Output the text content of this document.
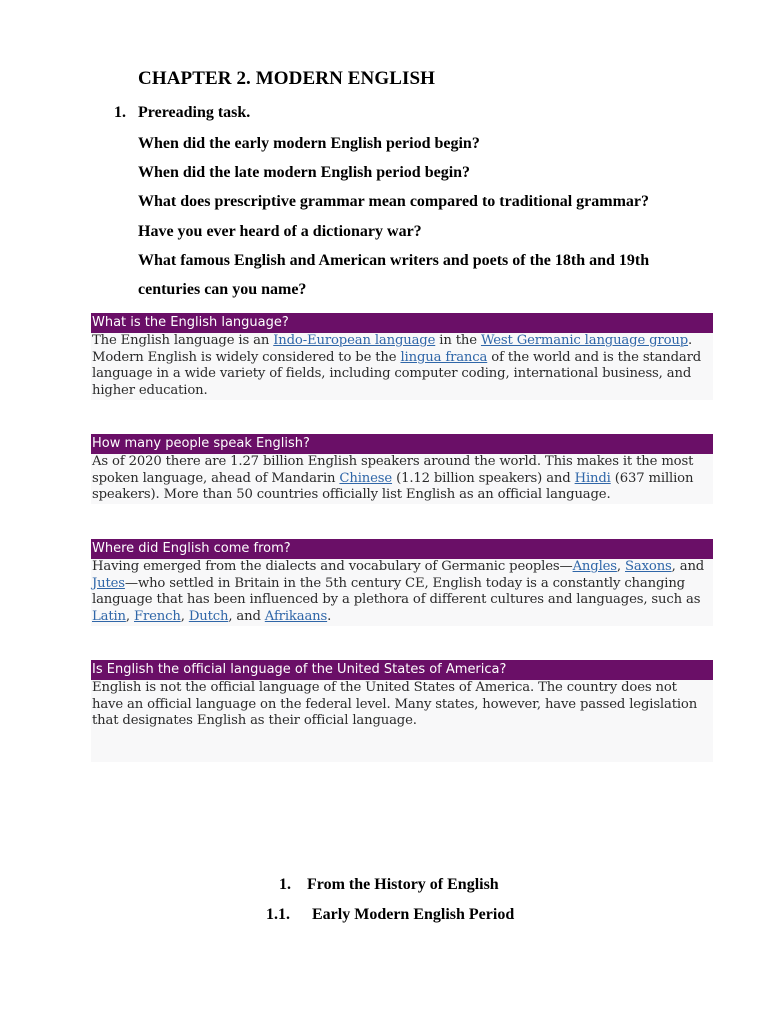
CHAPTER 2. MODERN ENGLISH
1. Prereading task.
When did the early modern English period begin?
When did the late modern English period begin?
What does prescriptive grammar mean compared to traditional grammar?
Have you ever heard of a dictionary war?
What famous English and American writers and poets of the 18th and 19th centuries can you name?
What is the English language?
The English language is an Indo-European language in the West Germanic language group. Modern English is widely considered to be the lingua franca of the world and is the standard language in a wide variety of fields, including computer coding, international business, and higher education.
How many people speak English?
As of 2020 there are 1.27 billion English speakers around the world. This makes it the most spoken language, ahead of Mandarin Chinese (1.12 billion speakers) and Hindi (637 million speakers). More than 50 countries officially list English as an official language.
Where did English come from?
Having emerged from the dialects and vocabulary of Germanic peoples—Angles, Saxons, and Jutes—who settled in Britain in the 5th century CE, English today is a constantly changing language that has been influenced by a plethora of different cultures and languages, such as Latin, French, Dutch, and Afrikaans.
Is English the official language of the United States of America?
English is not the official language of the United States of America. The country does not have an official language on the federal level. Many states, however, have passed legislation that designates English as their official language.
1. From the History of English
1.1. Early Modern English Period
